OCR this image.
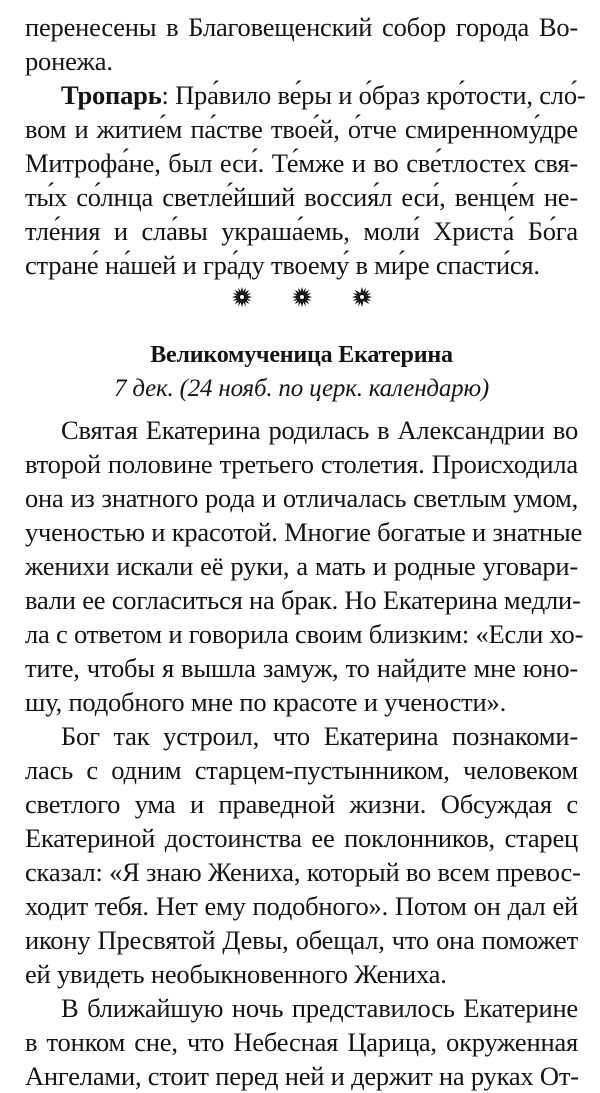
перенесены в Благовещенский собор города Во-
ронежа.
Тропарь: Пра́вило ве́ры и о́браз кро́тости, сло́-
вом и житие́м па́стве твое́й, о́тче смиренному́дре
Митрофа́не, был еси́. Те́мже и во све́тлостех свя-
ты́х со́лнца светле́йший воссия́л еси́, венце́м не-
тле́ния и сла́вы украша́емь, моли́ Христа́ Бо́га
стране́ на́шей и гра́ду твоему́ в ми́ре спасти́ся.
Великомученица Екатерина
7 дек. (24 нояб. по церк. календарю)
Святая Екатерина родилась в Александрии во
второй половине третьего столетия. Происходила
она из знатного рода и отличалась светлым умом,
ученостью и красотой. Многие богатые и знатные
женихи искали её руки, а мать и родные уговари-
вали ее согласиться на брак. Но Екатерина медли-
ла с ответом и говорила своим близким: «Если хо-
тите, чтобы я вышла замуж, то найдите мне юно-
шу, подобного мне по красоте и учености».
Бог так устроил, что Екатерина познакоми-
лась с одним старцем-пустынником, человеком
светлого ума и праведной жизни. Обсуждая с
Екатериной достоинства ее поклонников, старец
сказал: «Я знаю Жениха, который во всем превос-
ходит тебя. Нет ему подобного». Потом он дал ей
икону Пресвятой Девы, обещал, что она поможет
ей увидеть необыкновенного Жениха.
В ближайшую ночь представилось Екатерине
в тонком сне, что Небесная Царица, окруженная
Ангелами, стоит перед ней и держит на руках От-
